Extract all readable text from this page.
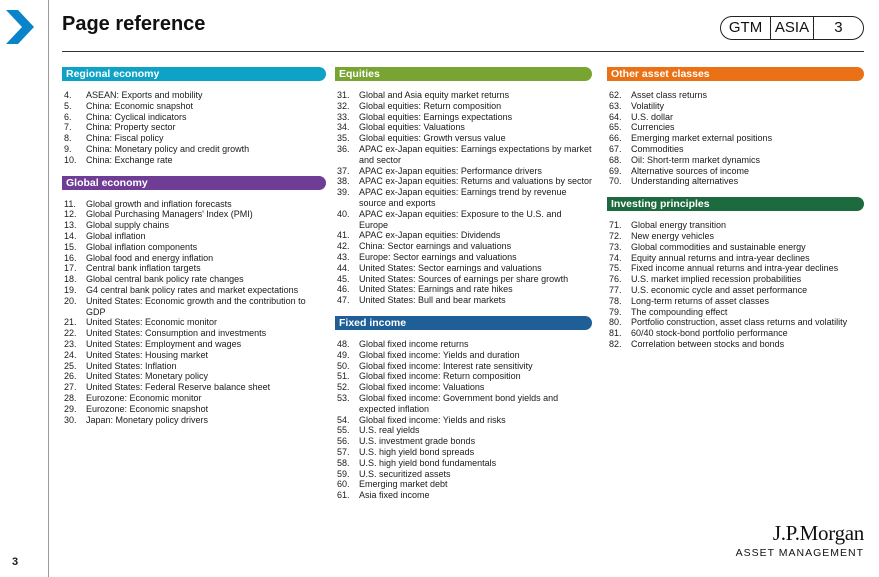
Page reference	GTM ASIA	3
Regional economy
4.	ASEAN: Exports and mobility
5.	China: Economic snapshot
6.	China: Cyclical indicators
7.	China: Property sector
8.	China: Fiscal policy
9.	China: Monetary policy and credit growth
10.	China: Exchange rate
Global economy
11.	Global growth and inflation forecasts
12.	Global Purchasing Managers' Index (PMI)
13.	Global supply chains
14.	Global inflation
15.	Global inflation components
16.	Global food and energy inflation
17.	Central bank inflation targets
18.	Global central bank policy rate changes
19.	G4 central bank policy rates and market expectations
20.	United States: Economic growth and the contribution to GDP
21.	United States: Economic monitor
22.	United States: Consumption and investments
23.	United States: Employment and wages
24.	United States: Housing market
25.	United States: Inflation
26.	United States: Monetary policy
27.	United States: Federal Reserve balance sheet
28.	Eurozone: Economic monitor
29.	Eurozone: Economic snapshot
30.	Japan: Monetary policy drivers
Equities
31.	Global and Asia equity market returns
32.	Global equities: Return composition
33.	Global equities: Earnings expectations
34.	Global equities: Valuations
35.	Global equities: Growth versus value
36.	APAC ex-Japan equities: Earnings expectations by market and sector
37.	APAC ex-Japan equities: Performance drivers
38.	APAC ex-Japan equities: Returns and valuations by sector
39.	APAC ex-Japan equities: Earnings trend by revenue source and exports
40.	APAC ex-Japan equities: Exposure to the U.S. and Europe
41.	APAC ex-Japan equities: Dividends
42.	China: Sector earnings and valuations
43.	Europe: Sector earnings and valuations
44.	United States: Sector earnings and valuations
45.	United States: Sources of earnings per share growth
46.	United States: Earnings and rate hikes
47.	United States: Bull and bear markets
Fixed income
48.	Global fixed income returns
49.	Global fixed income: Yields and duration
50.	Global fixed income: Interest rate sensitivity
51.	Global fixed income: Return composition
52.	Global fixed income: Valuations
53.	Global fixed income: Government bond yields and expected inflation
54.	Global fixed income: Yields and risks
55.	U.S. real yields
56.	U.S. investment grade bonds
57.	U.S. high yield bond spreads
58.	U.S. high yield bond fundamentals
59.	U.S. securitized assets
60.	Emerging market debt
61.	Asia fixed income
Other asset classes
62.	Asset class returns
63.	Volatility
64.	U.S. dollar
65.	Currencies
66.	Emerging market external positions
67.	Commodities
68.	Oil: Short-term market dynamics
69.	Alternative sources of income
70.	Understanding alternatives
Investing principles
71.	Global energy transition
72.	New energy vehicles
73.	Global commodities and sustainable energy
74.	Equity annual returns and intra-year declines
75.	Fixed income annual returns and intra-year declines
76.	U.S. market implied recession probabilities
77.	U.S. economic cycle and asset performance
78.	Long-term returns of asset classes
79.	The compounding effect
80.	Portfolio construction, asset class returns and volatility
81.	60/40 stock-bond portfolio performance
82.	Correlation between stocks and bonds
3
J.P.Morgan
ASSET MANAGEMENT
